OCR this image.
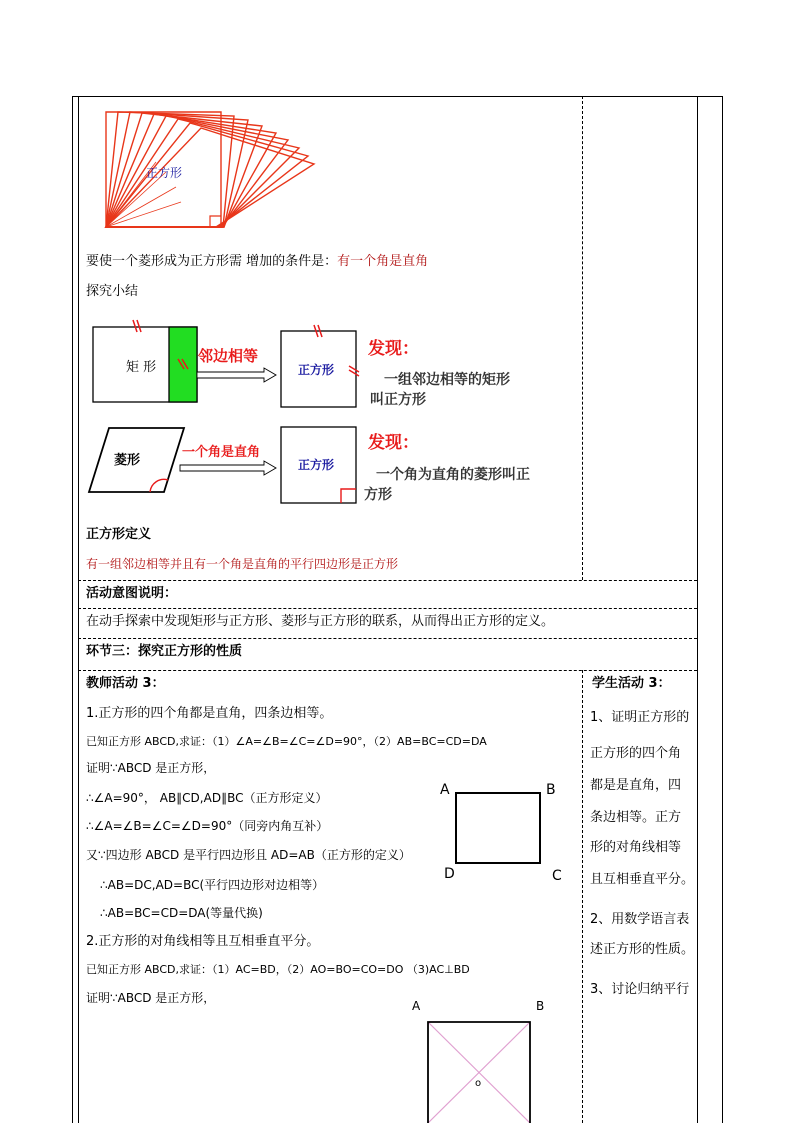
正方形
要使一个菱形成为正方形需 增加的条件是：有一个角是直角
探究小结
矩 形
邻边相等
正方形
发现：
一组邻边相等的矩形
叫正方形
菱形
一个角是直角
正方形
发现：
一个角为直角的菱形叫正
方形
正方形定义
有一组邻边相等并且有一个角是直角的平行四边形是正方形
活动意图说明：
在动手探索中发现矩形与正方形、菱形与正方形的联系，从而得出正方形的定义。
环节三：探究正方形的性质
教师活动 3：
1.正方形的四个角都是直角，四条边相等。
已知正方形 ABCD,求证：（1）∠A=∠B=∠C=∠D=90°，（2）AB=BC=CD=DA
证明∵ABCD 是正方形，
∴∠A=90°， AB∥CD,AD∥BC（正方形定义）
∴∠A=∠B=∠C=∠D=90°（同旁内角互补）
又∵四边形 ABCD 是平行四边形且 AD=AB（正方形的定义）
∴AB=DC,AD=BC(平行四边形对边相等）
∴AB=BC=CD=DA(等量代换)
2.正方形的对角线相等且互相垂直平分。
已知正方形 ABCD,求证：（1）AC=BD，（2）AO=BO=CO=DO （3)AC⊥BD
证明∵ABCD 是正方形，
A	B
C
D
A	B
o
学生活动 3：
1、证明正方形的
正方形的四个角
都是是直角，四
条边相等。正方
形的对角线相等
且互相垂直平分。
2、用数学语言表
述正方形的性质。
3、讨论归纳平行
